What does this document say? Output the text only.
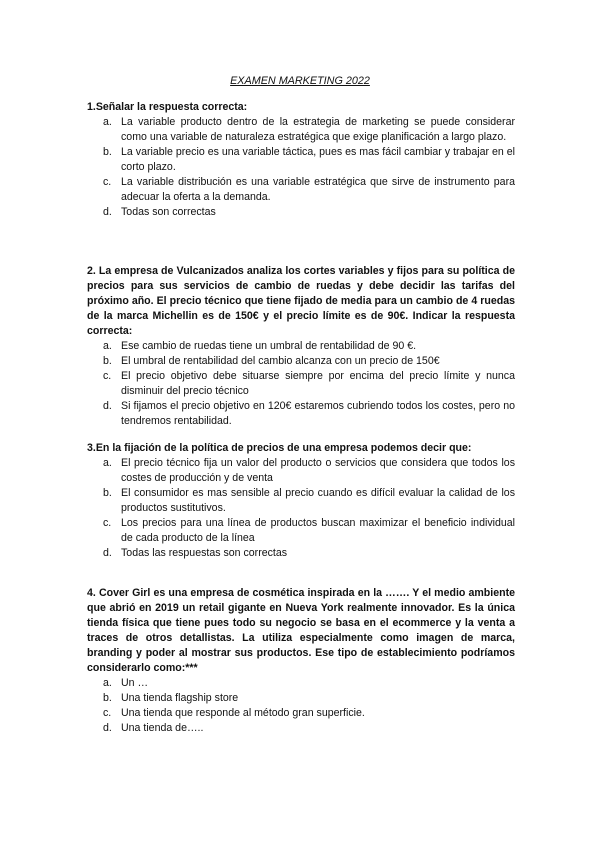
EXAMEN MARKETING 2022

1.Señalar la respuesta correcta:

a. La variable producto dentro de la estrategia de marketing se puede considerar como una variable de naturaleza estratégica que exige planificación a largo plazo.
b. La variable precio es una variable táctica, pues es mas fácil cambiar y trabajar en el corto plazo.
c. La variable distribución es una variable estratégica que sirve de instrumento para adecuar la oferta a la demanda.
d. Todas son correctas

2. La empresa de Vulcanizados analiza los cortes variables y fijos para su política de precios para sus servicios de cambio de ruedas y debe decidir las tarifas del próximo año. El precio técnico que tiene fijado de media para un cambio de 4 ruedas de la marca Michellin es de 150€ y el precio límite es de 90€. Indicar la respuesta correcta:

a. Ese cambio de ruedas tiene un umbral de rentabilidad de 90 €.
b. El umbral de rentabilidad del cambio alcanza con un precio de 150€
c. El precio objetivo debe situarse siempre por encima del precio límite y nunca disminuir del precio técnico
d. Si fijamos el precio objetivo en 120€ estaremos cubriendo todos los costes, pero no tendremos rentabilidad.

3.En la fijación de la política de precios de una empresa podemos decir que:

a. El precio técnico fija un valor del producto o servicios que considera que todos los costes de producción y de venta
b. El consumidor es mas sensible al precio cuando es difícil evaluar la calidad de los productos sustitutivos.
c. Los precios para una línea de productos buscan maximizar el beneficio individual de cada producto de la línea
d. Todas las respuestas son correctas

4. Cover Girl es una empresa de cosmética inspirada en la ……. Y el medio ambiente que abrió en 2019 un retail gigante en Nueva York realmente innovador. Es la única tienda física que tiene pues todo su negocio se basa en el ecommerce y la venta a traces de otros detallistas. La utiliza especialmente como imagen de marca, branding y poder al mostrar sus productos. Ese tipo de establecimiento podríamos considerarlo como:***

a. Un …
b. Una tienda flagship store
c. Una tienda que responde al método gran superficie.
d. Una tienda de…..
